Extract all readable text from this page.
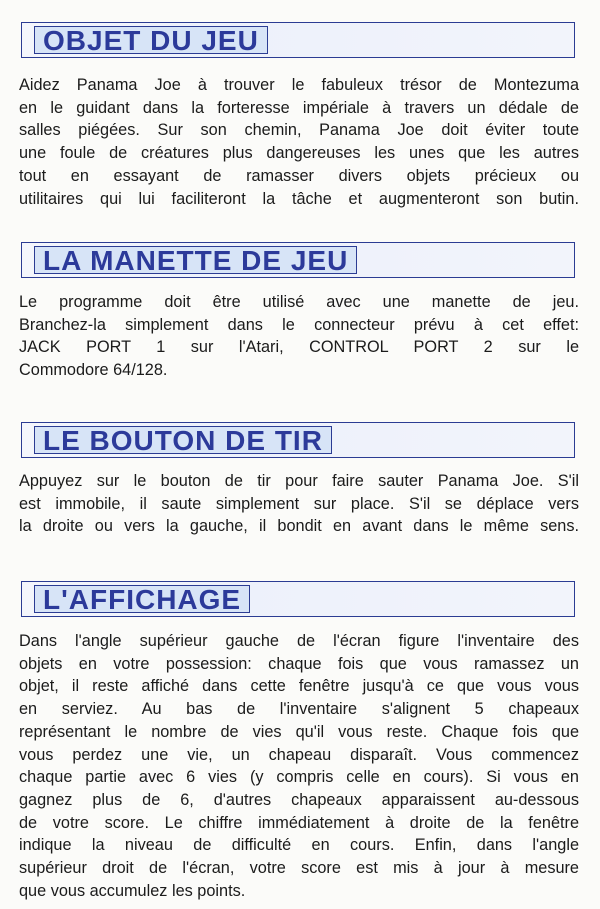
OBJET DU JEU
Aidez Panama Joe à trouver le fabuleux trésor de Montezuma
en le guidant dans la forteresse impériale à travers un dédale de
salles piégées. Sur son chemin, Panama Joe doit éviter toute
une foule de créatures plus dangereuses les unes que les autres
tout en essayant de ramasser divers objets précieux ou
utilitaires qui lui faciliteront la tâche et augmenteront son butin.
LA MANETTE DE JEU
Le programme doit être utilisé avec une manette de jeu.
Branchez-la simplement dans le connecteur prévu à cet effet:
JACK PORT 1 sur l'Atari, CONTROL PORT 2 sur le
Commodore 64/128.
LE BOUTON DE TIR
Appuyez sur le bouton de tir pour faire sauter Panama Joe. S'il
est immobile, il saute simplement sur place. S'il se déplace vers
la droite ou vers la gauche, il bondit en avant dans le même sens.
L'AFFICHAGE
Dans l'angle supérieur gauche de l'écran figure l'inventaire des
objets en votre possession: chaque fois que vous ramassez un
objet, il reste affiché dans cette fenêtre jusqu'à ce que vous vous
en serviez. Au bas de l'inventaire s'alignent 5 chapeaux
représentant le nombre de vies qu'il vous reste. Chaque fois que
vous perdez une vie, un chapeau disparaît. Vous commencez
chaque partie avec 6 vies (y compris celle en cours). Si vous en
gagnez plus de 6, d'autres chapeaux apparaissent au-dessous
de votre score. Le chiffre immédiatement à droite de la fenêtre
indique la niveau de difficulté en cours. Enfin, dans l'angle
supérieur droit de l'écran, votre score est mis à jour à mesure
que vous accumulez les points.
